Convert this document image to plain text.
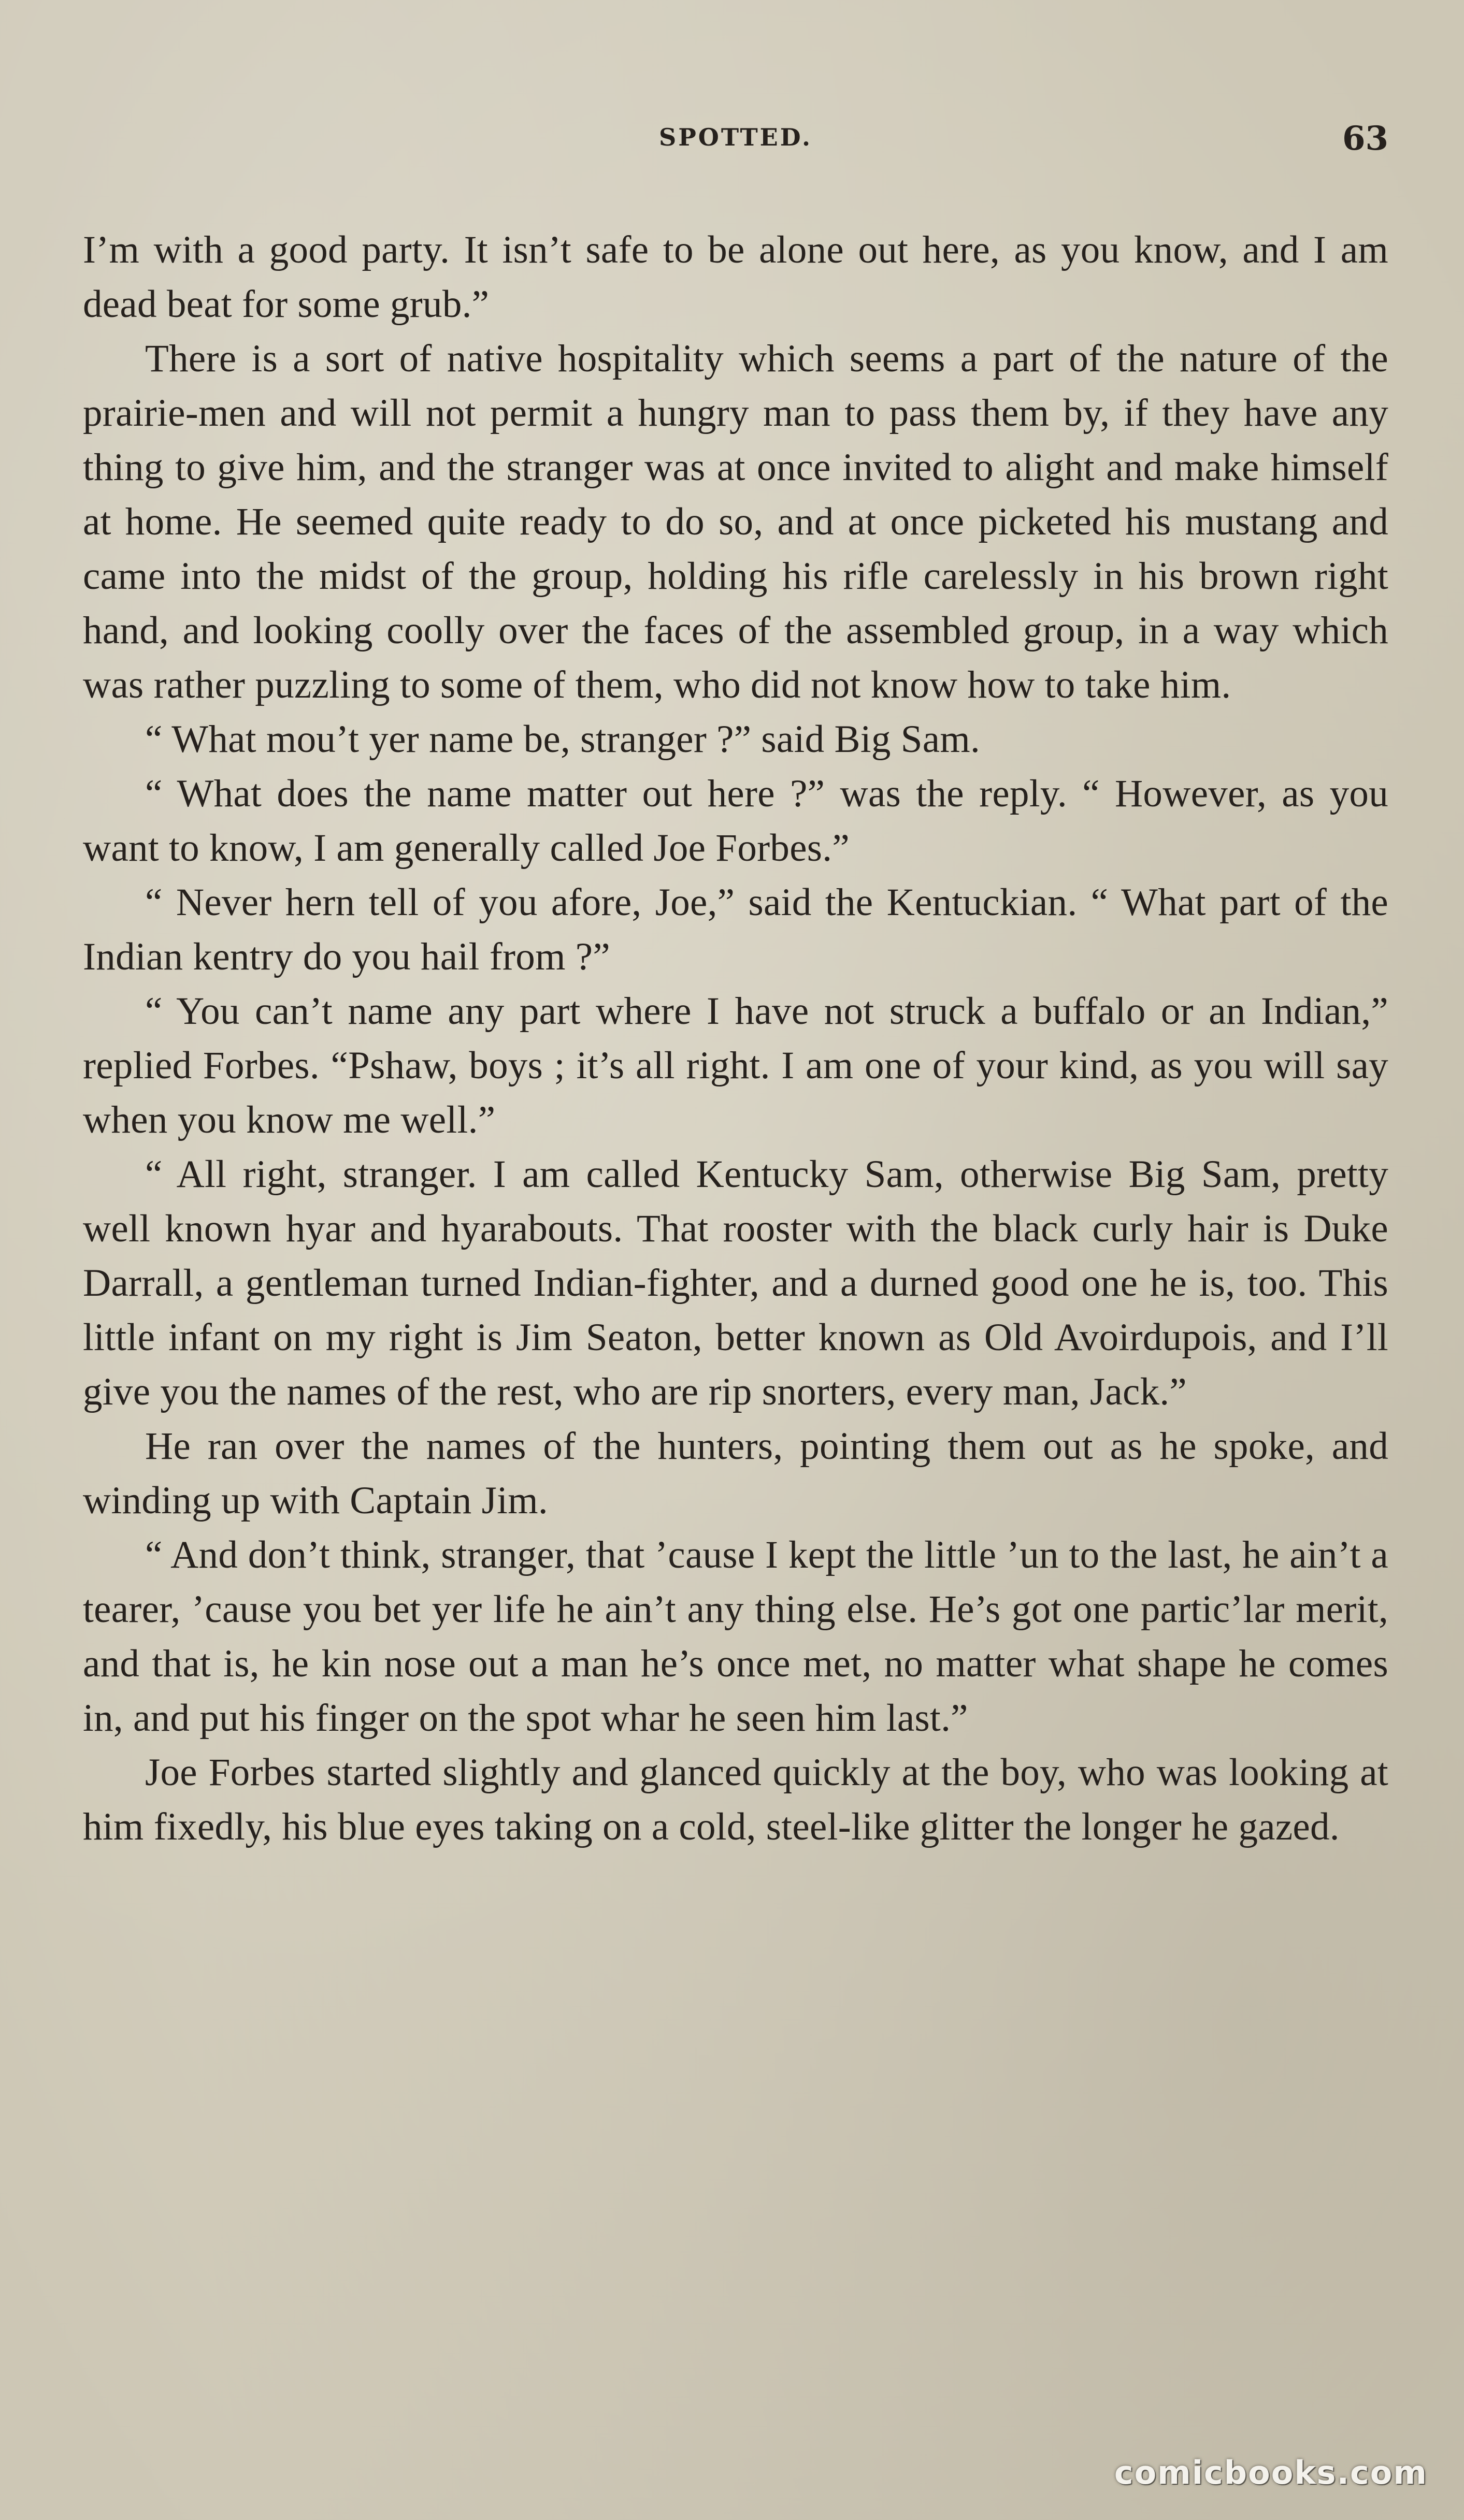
SPOTTED.	63

I’m with a good party. It isn’t safe to be alone out here, as you know, and I am dead beat for some grub.”

There is a sort of native hospitality which seems a part of the nature of the prairie-men and will not permit a hungry man to pass them by, if they have any thing to give him, and the stranger was at once invited to alight and make himself at home. He seemed quite ready to do so, and at once picketed his mustang and came into the midst of the group, holding his rifle carelessly in his brown right hand, and looking coolly over the faces of the assembled group, in a way which was rather puzzling to some of them, who did not know how to take him.

“ What mou’t yer name be, stranger ?” said Big Sam.

“ What does the name matter out here ?” was the reply. “ However, as you want to know, I am generally called Joe Forbes.”

“ Never hern tell of you afore, Joe,” said the Kentuckian. “ What part of the Indian kentry do you hail from ?”

“ You can’t name any part where I have not struck a buffalo or an Indian,” replied Forbes. “Pshaw, boys ; it’s all right. I am one of your kind, as you will say when you know me well.”

“ All right, stranger. I am called Kentucky Sam, otherwise Big Sam, pretty well known hyar and hyarabouts. That rooster with the black curly hair is Duke Darrall, a gentleman turned Indian-fighter, and a durned good one he is, too. This little infant on my right is Jim Seaton, better known as Old Avoirdupois, and I’ll give you the names of the rest, who are rip snorters, every man, Jack.”

He ran over the names of the hunters, pointing them out as he spoke, and winding up with Captain Jim.

“ And don’t think, stranger, that ’cause I kept the little ’un to the last, he ain’t a tearer, ’cause you bet yer life he ain’t any thing else. He’s got one partic’lar merit, and that is, he kin nose out a man he’s once met, no matter what shape he comes in, and put his finger on the spot whar he seen him last.”

Joe Forbes started slightly and glanced quickly at the boy, who was looking at him fixedly, his blue eyes taking on a cold, steel-like glitter the longer he gazed.

comicbooks.com
